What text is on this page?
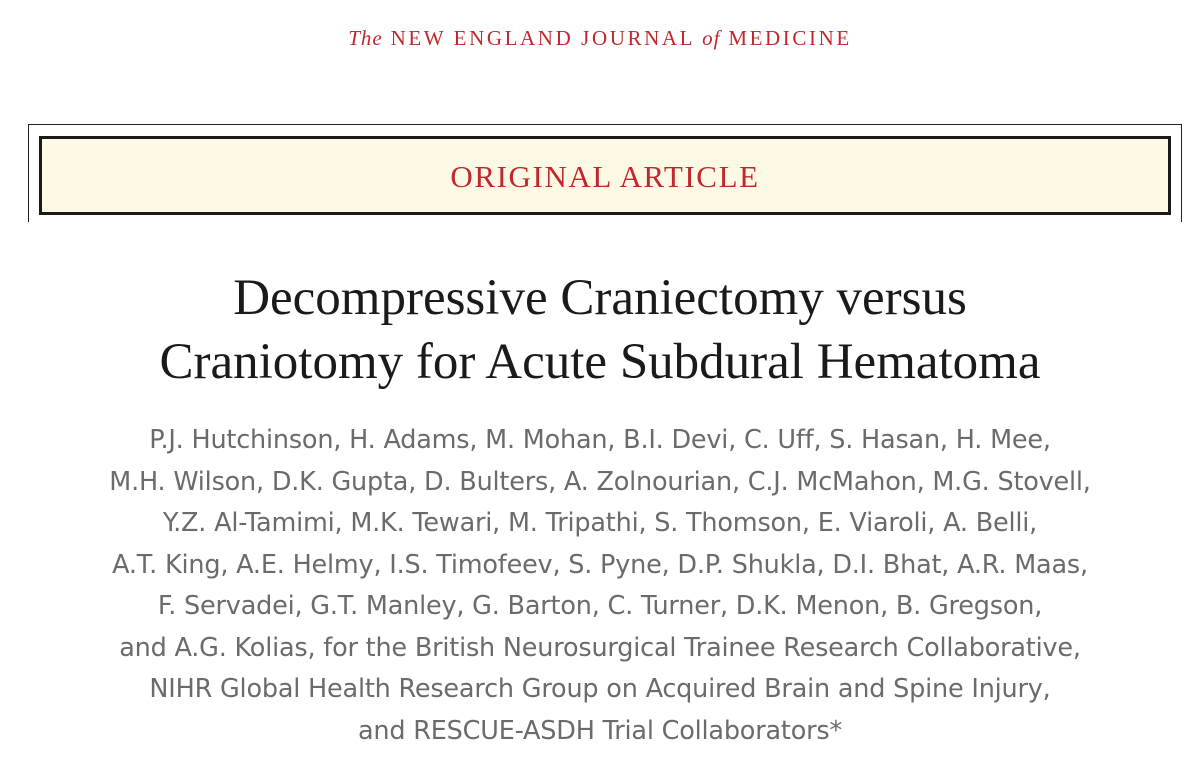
The NEW ENGLAND JOURNAL of MEDICINE
ORIGINAL ARTICLE
Decompressive Craniectomy versus
Craniotomy for Acute Subdural Hematoma
P.J. Hutchinson, H. Adams, M. Mohan, B.I. Devi, C. Uff, S. Hasan, H. Mee,
M.H. Wilson, D.K. Gupta, D. Bulters, A. Zolnourian, C.J. McMahon, M.G. Stovell,
Y.Z. Al-Tamimi, M.K. Tewari, M. Tripathi, S. Thomson, E. Viaroli, A. Belli,
A.T. King, A.E. Helmy, I.S. Timofeev, S. Pyne, D.P. Shukla, D.I. Bhat, A.R. Maas,
F. Servadei, G.T. Manley, G. Barton, C. Turner, D.K. Menon, B. Gregson,
and A.G. Kolias, for the British Neurosurgical Trainee Research Collaborative,
NIHR Global Health Research Group on Acquired Brain and Spine Injury,
and RESCUE-ASDH Trial Collaborators*
